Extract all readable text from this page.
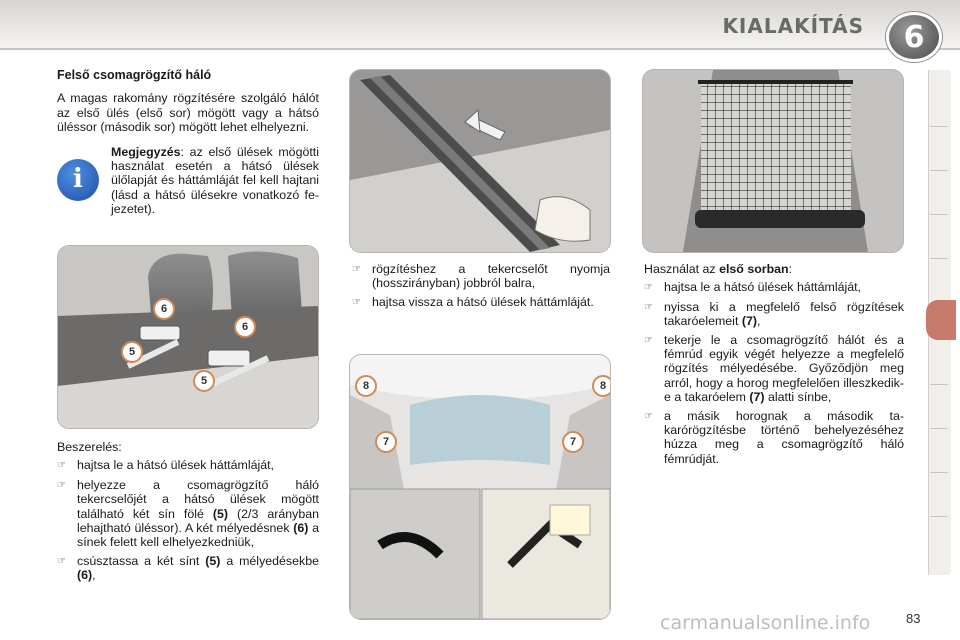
KIALAKÍTÁS	6
Felső csomagrögzítő háló
A magas rakomány rögzítésére szolgáló hálót az első ülés (első sor) mögött vagy a hátsó üléssor (második sor) mögött lehet elhelyezni.
i
Megjegyzés: az első ülések mögötti használat esetén a hátsó ülések ülőlapját és háttámláját fel kell hajtani (lásd a hátsó ülésekre vonatkozó fejezetet).
6
6
5
5
Beszerelés:
☞ hajtsa le a hátsó ülések háttámláját,
☞ helyezze a csomagrögzítő háló tekercselőjét a hátsó ülések mögött található két sín fölé (5) (2/3 arányban lehajtható üléssor). A két mélyedésnek (6) a sínek felett kell elhelyezkedniük,
☞ csúsztassa a két sínt (5) a mélyedésekbe (6),
☞ rögzítéshez a tekercselőt nyomja (hosszirányban) jobbról balra,
☞ hajtsa vissza a hátsó ülések háttámláját.
8	8
7	7
Használat az első sorban:
☞ hajtsa le a hátsó ülések háttámláját,
☞ nyissa ki a megfelelő felső rögzítések takaróelemeit (7),
☞ tekerje le a csomagrögzítő hálót és a fémrúd egyik végét helyezze a megfelelő rögzítés mélyedésébe. Győződjön meg arról, hogy a horog megfelelően illeszkedik-e a takaróelem (7) alatti sínbe,
☞ a másik horognak a második takarórögzítésbe történő behelyezéséhez húzza meg a csomagrögzítő háló fémrúdját.
carmanualsonline.info	83
